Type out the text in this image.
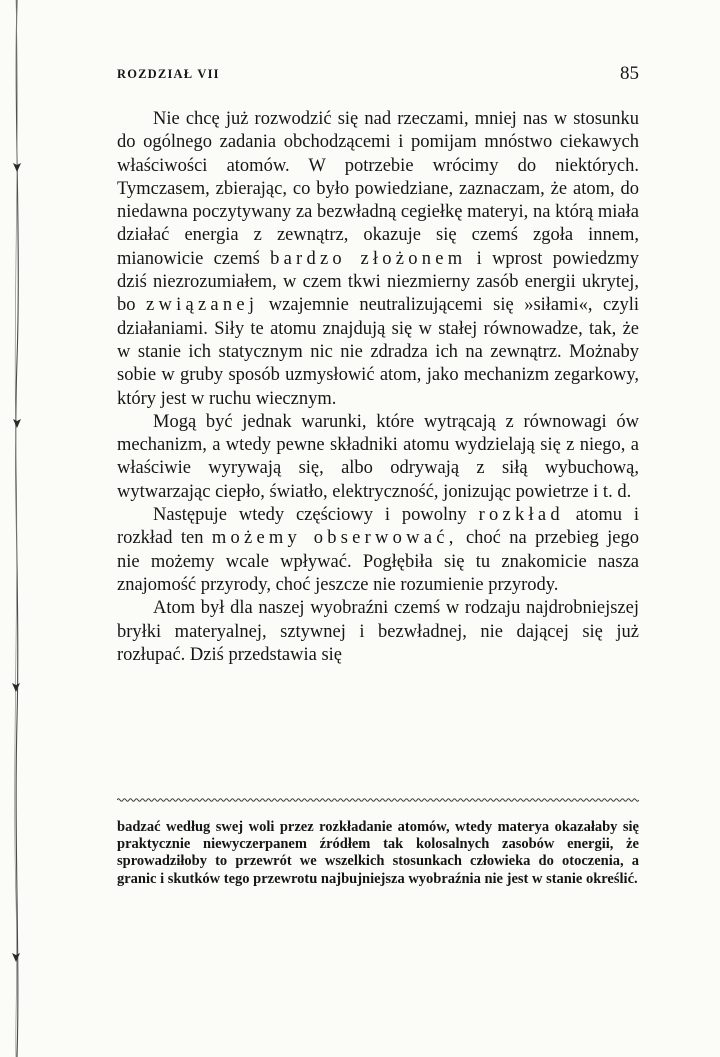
ROZDZIAŁ VII	85

Nie chcę już rozwodzić się nad rzeczami, mniej nas w stosunku do ogólnego zadania obchodzącemi i pomijam mnóstwo ciekawych właściwości atomów. W potrzebie wrócimy do niektórych. Tymczasem, zbierając, co było powiedziane, zaznaczam, że atom, do niedawna poczytywany za bezwładną cegiełkę materyi, na którą miała działać energia z zewnątrz, okazuje się czemś zgoła innem, mianowicie czemś bardzo złożonem i wprost powiedzmy dziś niezrozumiałem, w czem tkwi niezmierny zasób energii ukrytej, bo związanej wzajemnie neutralizującemi się »siłami«, czyli działaniami. Siły te atomu znajdują się w stałej równowadze, tak, że w stanie ich statycznym nic nie zdradza ich na zewnątrz. Możnaby sobie w gruby sposób uzmysłowić atom, jako mechanizm zegarkowy, który jest w ruchu wiecznym.

Mogą być jednak warunki, które wytrącają z równowagi ów mechanizm, a wtedy pewne składniki atomu wydzielają się z niego, a właściwie wyrywają się, albo odrywają z siłą wybuchową, wytwarzając ciepło, światło, elektryczność, jonizując powietrze i t. d.

Następuje wtedy częściowy i powolny rozkład atomu i rozkład ten możemy obserwować, choć na przebieg jego nie możemy wcale wpływać. Pogłębiła się tu znakomicie nasza znajomość przyrody, choć jeszcze nie rozumienie przyrody.

Atom był dla naszej wyobraźni czemś w rodzaju najdrobniejszej bryłki materyalnej, sztywnej i bezwładnej, nie dającej się już rozłupać. Dziś przedstawia się

badzać według swej woli przez rozkładanie atomów, wtedy materya okazałaby się praktycznie niewyczerpanem źródłem tak kolosalnych zasobów energii, że sprowadziłoby to przewrót we wszelkich stosunkach człowieka do otoczenia, a granic i skutków tego przewrotu najbujniejsza wyobraźnia nie jest w stanie określić.
